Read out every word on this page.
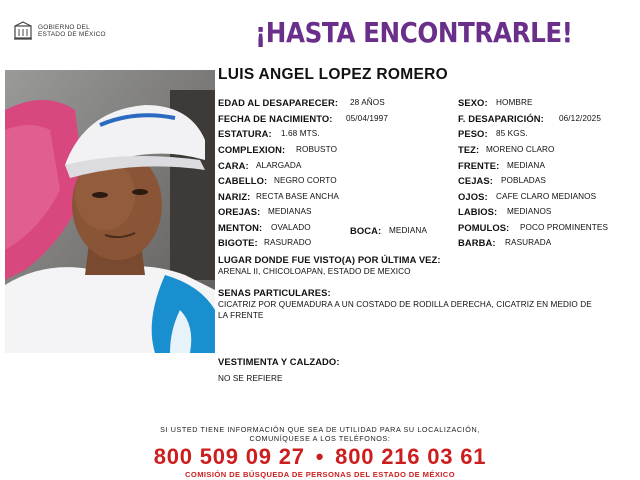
GOBIERNO DEL
ESTADO DE MÉXICO	¡HASTA ENCONTRARLE!
LUIS ANGEL LOPEZ ROMERO
EDAD AL DESAPARECER: 28 AÑOS
FECHA DE NACIMIENTO: 05/04/1997
ESTATURA: 1.68 MTS.
COMPLEXION: ROBUSTO
CARA: ALARGADA
CABELLO: NEGRO CORTO
NARIZ: RECTA BASE ANCHA
OREJAS: MEDIANAS
MENTON: OVALADO	BOCA: MEDIANA
BIGOTE: RASURADO
SEXO: HOMBRE
F. DESAPARICIÓN: 06/12/2025
PESO: 85 KGS.
TEZ: MORENO CLARO
FRENTE: MEDIANA
CEJAS: POBLADAS
OJOS: CAFE CLARO MEDIANOS
LABIOS: MEDIANOS
POMULOS: POCO PROMINENTES
BARBA: RASURADA
LUGAR DONDE FUE VISTO(A) POR ÚLTIMA VEZ:
ARENAL II, CHICOLOAPAN, ESTADO DE MEXICO
SENAS PARTICULARES:
CICATRIZ POR QUEMADURA A UN COSTADO DE RODILLA DERECHA, CICATRIZ EN MEDIO DE LA FRENTE
VESTIMENTA Y CALZADO:
NO SE REFIERE
SI USTED TIENE INFORMACIÓN QUE SEA DE UTILIDAD PARA SU LOCALIZACIÓN,
COMUNÍQUESE A LOS TELÉFONOS:
800 509 09 27 • 800 216 03 61
COMISIÓN DE BÚSQUEDA DE PERSONAS DEL ESTADO DE MÉXICO
